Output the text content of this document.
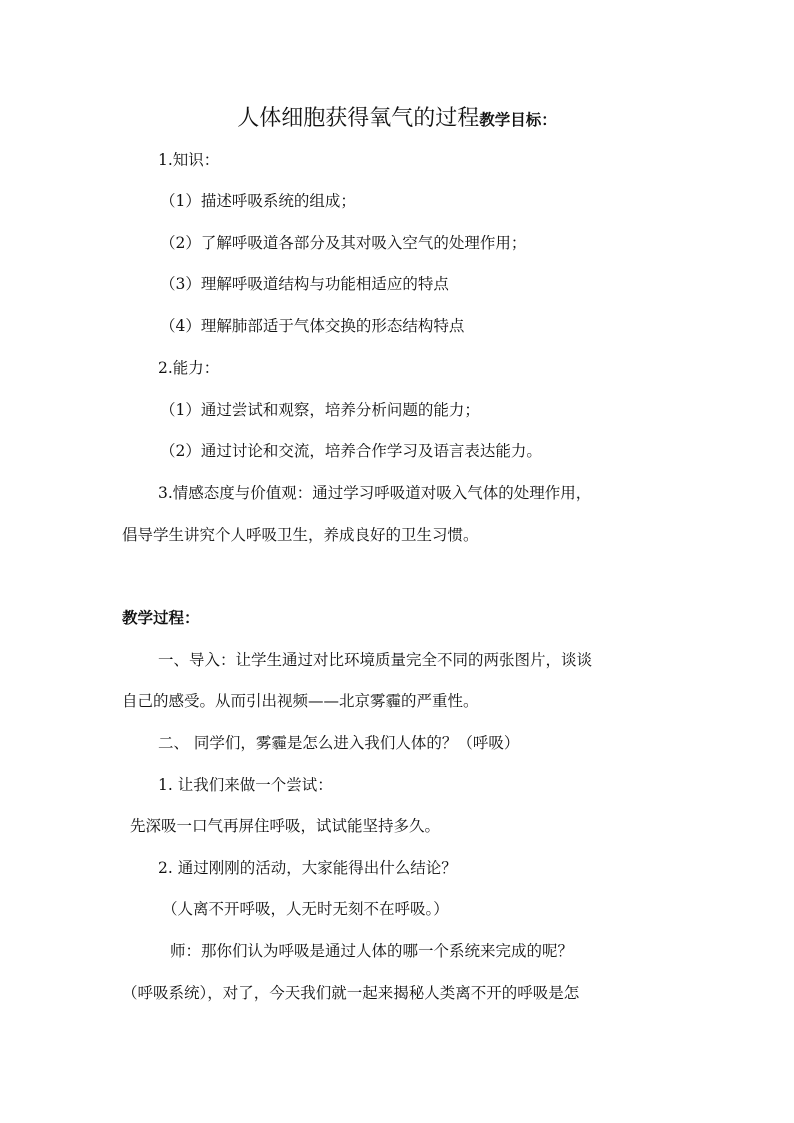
人体细胞获得氧气的过程教学目标：
1.知识：
（1）描述呼吸系统的组成；
（2）了解呼吸道各部分及其对吸入空气的处理作用；
（3）理解呼吸道结构与功能相适应的特点
（4）理解肺部适于气体交换的形态结构特点
2.能力：
（1）通过尝试和观察，培养分析问题的能力；
（2）通过讨论和交流，培养合作学习及语言表达能力。
3.情感态度与价值观：通过学习呼吸道对吸入气体的处理作用，
倡导学生讲究个人呼吸卫生，养成良好的卫生习惯。
教学过程：
一、导入：让学生通过对比环境质量完全不同的两张图片，谈谈
自己的感受。从而引出视频——北京雾霾的严重性。
二、 同学们，雾霾是怎么进入我们人体的？（呼吸）
1. 让我们来做一个尝试：
先深吸一口气再屏住呼吸，试试能坚持多久。
2. 通过刚刚的活动，大家能得出什么结论？
（人离不开呼吸，人无时无刻不在呼吸。）
师：那你们认为呼吸是通过人体的哪一个系统来完成的呢？
（呼吸系统），对了，今天我们就一起来揭秘人类离不开的呼吸是怎
